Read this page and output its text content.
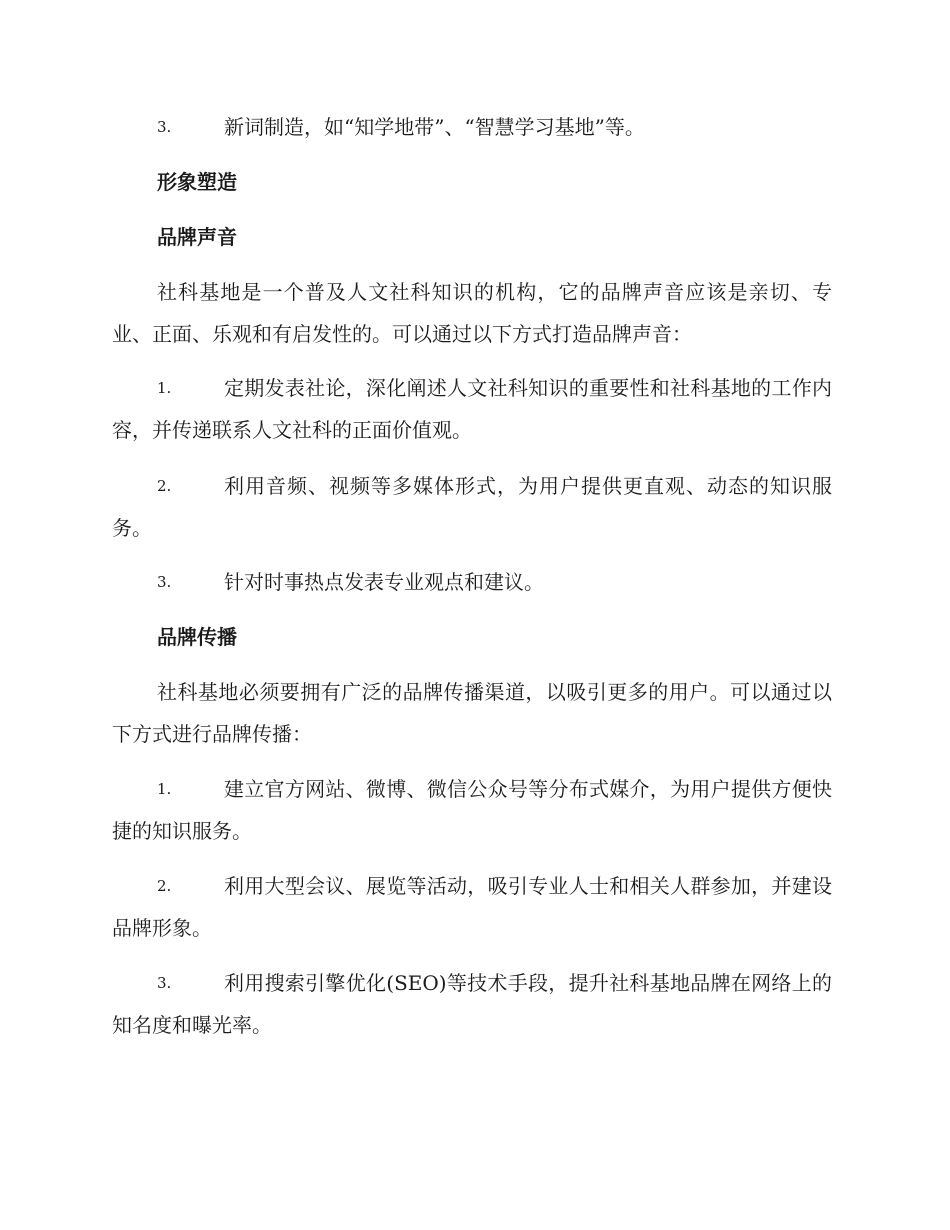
3.	新词制造，如“知学地带”、“智慧学习基地”等。
形象塑造
品牌声音
社科基地是一个普及人文社科知识的机构，它的品牌声音应该是亲切、专业、正面、乐观和有启发性的。可以通过以下方式打造品牌声音：
1.	定期发表社论，深化阐述人文社科知识的重要性和社科基地的工作内容，并传递联系人文社科的正面价值观。
2.	利用音频、视频等多媒体形式，为用户提供更直观、动态的知识服务。
3.	针对时事热点发表专业观点和建议。
品牌传播
社科基地必须要拥有广泛的品牌传播渠道，以吸引更多的用户。可以通过以下方式进行品牌传播：
1.	建立官方网站、微博、微信公众号等分布式媒介，为用户提供方便快捷的知识服务。
2.	利用大型会议、展览等活动，吸引专业人士和相关人群参加，并建设品牌形象。
3.	利用搜索引擎优化(SEO)等技术手段，提升社科基地品牌在网络上的知名度和曝光率。
